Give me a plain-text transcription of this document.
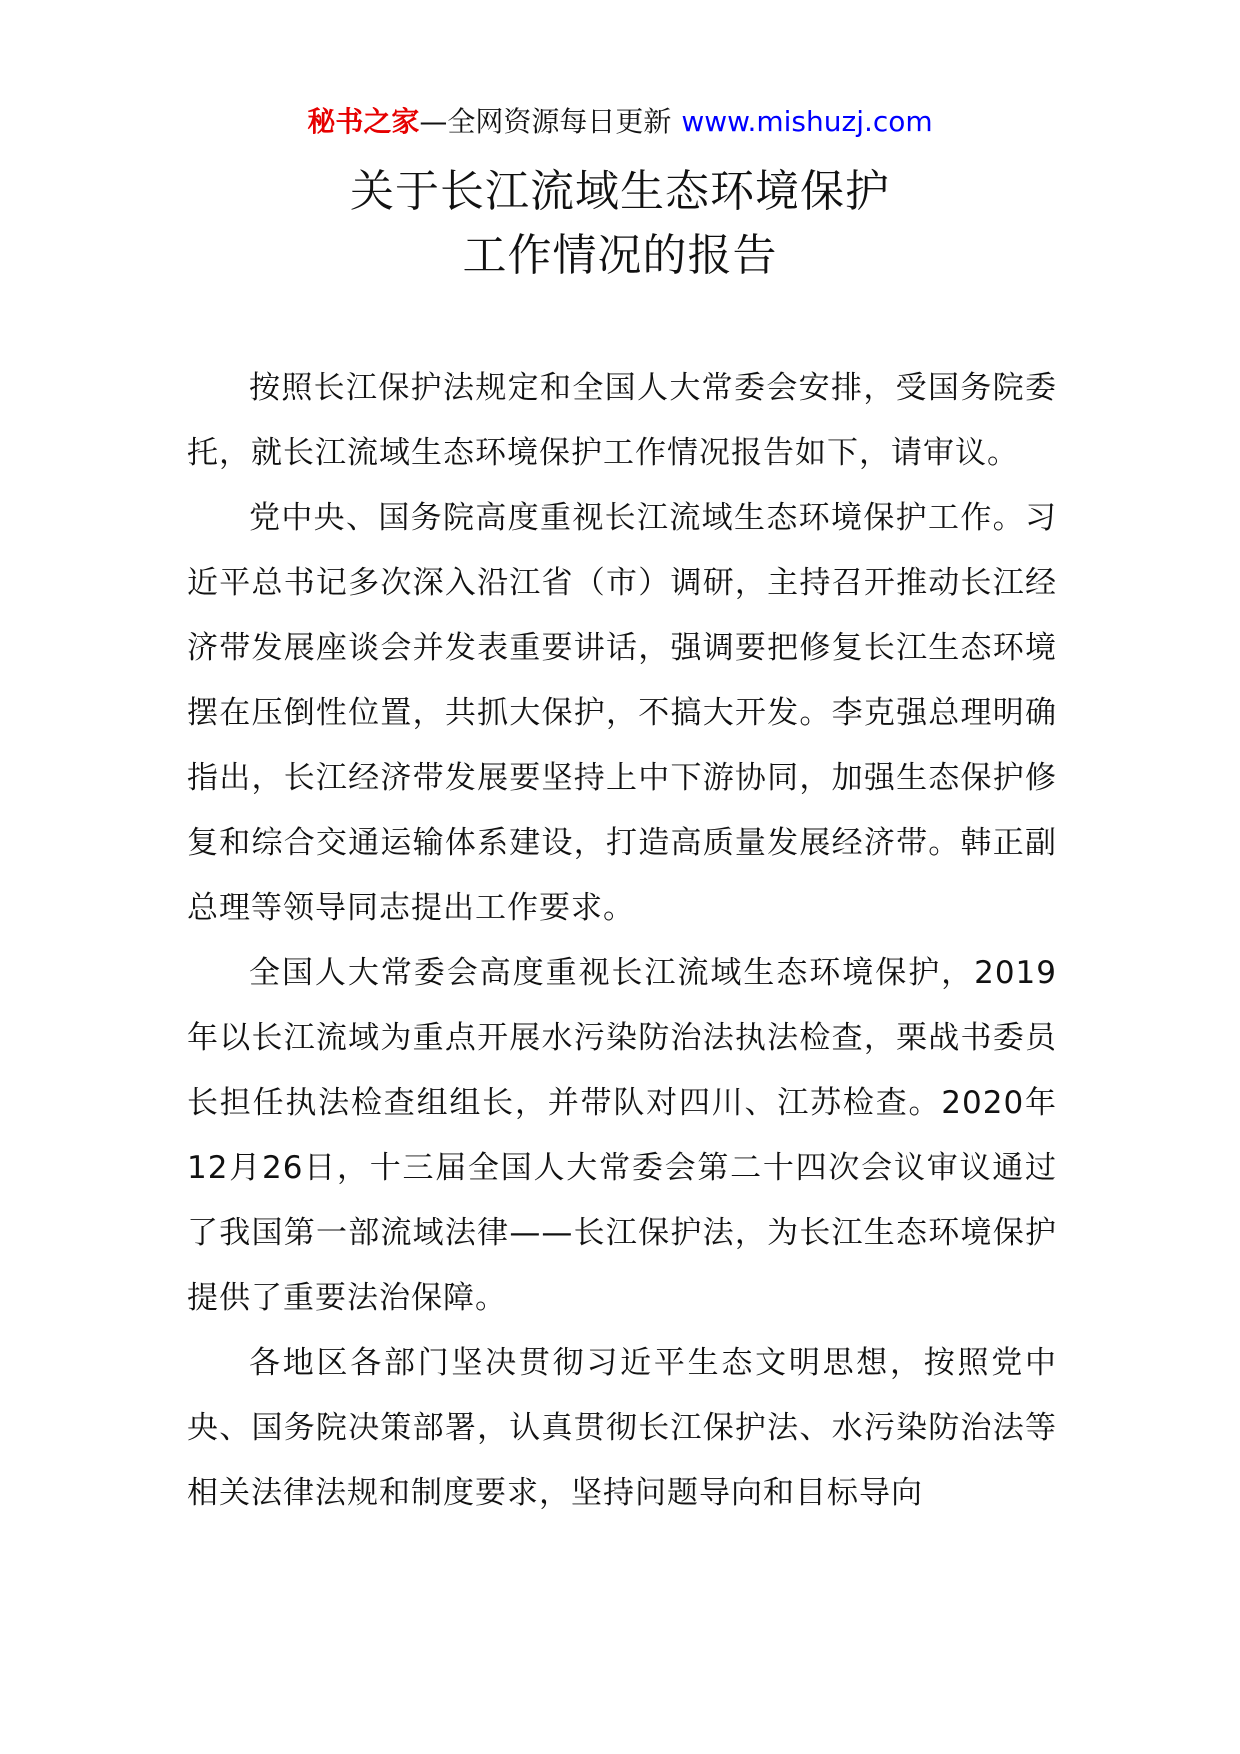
秘书之家—全网资源每日更新 www.mishuzj.com
关于长江流域生态环境保护
工作情况的报告

按照长江保护法规定和全国人大常委会安排，受国务院委托，就长江流域生态环境保护工作情况报告如下，请审议。

党中央、国务院高度重视长江流域生态环境保护工作。习近平总书记多次深入沿江省（市）调研，主持召开推动长江经济带发展座谈会并发表重要讲话，强调要把修复长江生态环境摆在压倒性位置，共抓大保护，不搞大开发。李克强总理明确指出，长江经济带发展要坚持上中下游协同，加强生态保护修复和综合交通运输体系建设，打造高质量发展经济带。韩正副总理等领导同志提出工作要求。

全国人大常委会高度重视长江流域生态环境保护，2019年以长江流域为重点开展水污染防治法执法检查，栗战书委员长担任执法检查组组长，并带队对四川、江苏检查。2020年12月26日，十三届全国人大常委会第二十四次会议审议通过了我国第一部流域法律——长江保护法，为长江生态环境保护提供了重要法治保障。

各地区各部门坚决贯彻习近平生态文明思想，按照党中央、国务院决策部署，认真贯彻长江保护法、水污染防治法等相关法律法规和制度要求，坚持问题导向和目标导向
